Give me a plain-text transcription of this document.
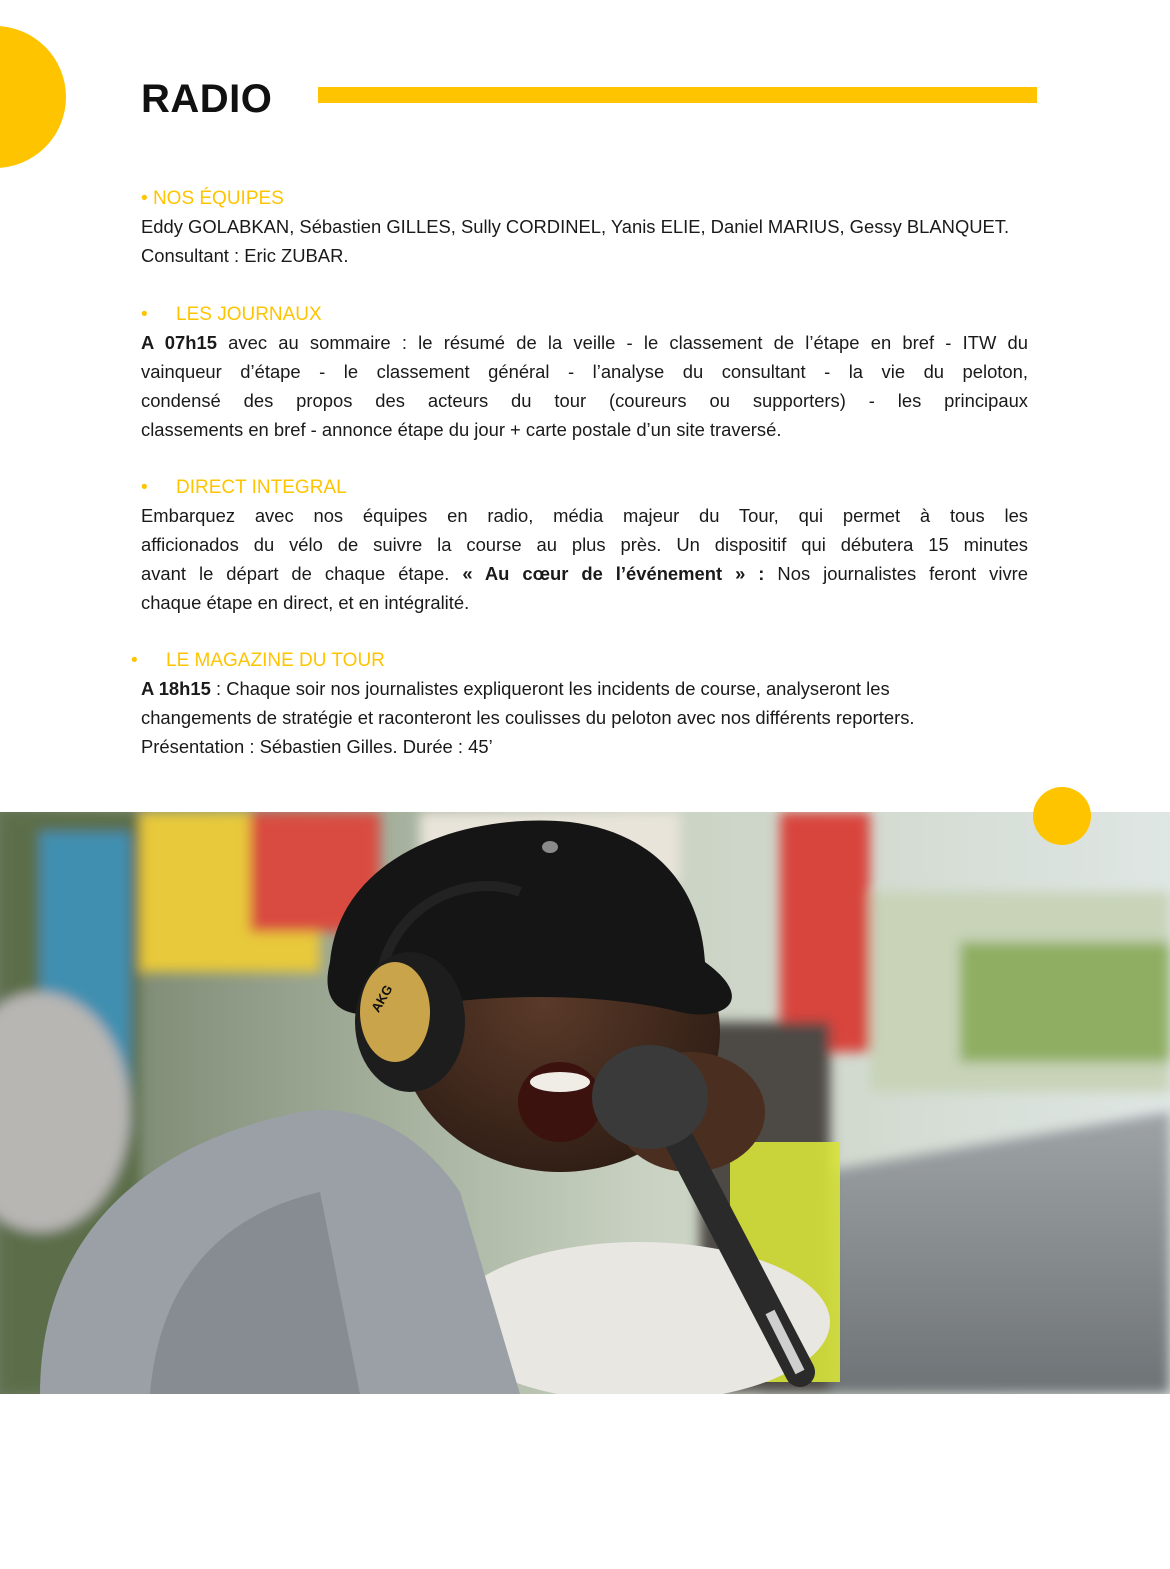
RADIO
• NOS ÉQUIPES
Eddy GOLABKAN, Sébastien GILLES, Sully CORDINEL, Yanis ELIE, Daniel MARIUS, Gessy BLANQUET.
Consultant : Eric ZUBAR.
•	LES JOURNAUX
A 07h15 avec au sommaire : le résumé de la veille - le classement de l’étape en bref - ITW du
vainqueur d’étape - le classement général - l’analyse du consultant - la vie du peloton,
condensé des propos des acteurs du tour (coureurs ou supporters) - les principaux
classements en bref - annonce étape du jour + carte postale d’un site traversé.
•	DIRECT INTEGRAL
Embarquez avec nos équipes en radio, média majeur du Tour, qui permet à tous les
afficionados du vélo de suivre la course au plus près. Un dispositif qui débutera 15 minutes
avant le départ de chaque étape. « Au cœur de l’événement » : Nos journalistes feront vivre
chaque étape en direct, et en intégralité.
•	LE MAGAZINE DU TOUR
A 18h15 : Chaque soir nos journalistes expliqueront les incidents de course, analyseront les
changements de stratégie et raconteront les coulisses du peloton avec nos différents reporters.
Présentation : Sébastien Gilles. Durée : 45’
AKG
